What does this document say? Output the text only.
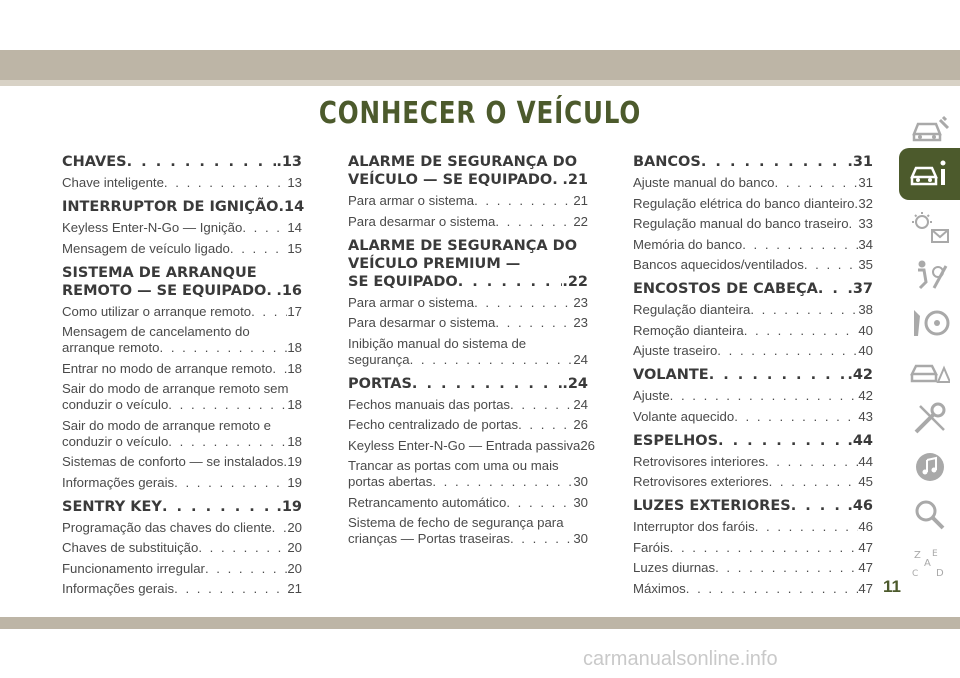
CONHECER O VEÍCULO
CHAVES . . .	.13
Chave inteligente . . .	13
INTERRUPTOR DE IGNIÇÃO .14
Keyless Enter-N-Go — Ignição . . .	14
Mensagem de veículo ligado . . .	15
SISTEMA DE ARRANQUE
REMOTO — SE EQUIPADO . . . .16
Como utilizar o arranque remoto . . .	17
Mensagem de cancelamento do
arranque remoto . . .	18
Entrar no modo de arranque remoto . . . 18
Sair do modo de arranque remoto sem
conduzir o veículo . . .	18
Sair do modo de arranque remoto e
conduzir o veículo . . .	18
Sistemas de conforto — se instalados . . . 19
Informações gerais . . .	19
SENTRY KEY . . .	.19
Programação das chaves do cliente . . . 20
Chaves de substituição . . .	20
Funcionamento irregular . . .	20
Informações gerais . . .	21
ALARME DE SEGURANÇA DO
VEÍCULO — SE EQUIPADO . . . .21
Para armar o sistema . . .	21
Para desarmar o sistema . . .	22
ALARME DE SEGURANÇA DO
VEÍCULO PREMIUM —
SE EQUIPADO . . .	.22
Para armar o sistema . . .	23
Para desarmar o sistema . . .	23
Inibição manual do sistema de
segurança . . .	24
PORTAS . . .	.24
Fechos manuais das portas . . .	24
Fecho centralizado de portas . . .	26
Keyless Enter-N-Go — Entrada passiva 26
Trancar as portas com uma ou mais
portas abertas . . .	30
Retrancamento automático . . .	30
Sistema de fecho de segurança para
crianças — Portas traseiras . . .	30
BANCOS . . .	.31
Ajuste manual do banco . . .	31
Regulação elétrica do banco dianteiro . . . 32
Regulação manual do banco traseiro . . . 33
Memória do banco . . .	34
Bancos aquecidos/ventilados . . .	35
ENCOSTOS DE CABEÇA . . . .37
Regulação dianteira . . .	38
Remoção dianteira . . .	40
Ajuste traseiro . . .	40
VOLANTE . . .	.42
Ajuste . . .	42
Volante aquecido . . .	43
ESPELHOS . . .	.44
Retrovisores interiores . . .	44
Retrovisores exteriores . . .	45
LUZES EXTERIORES . . .	.46
Interruptor dos faróis . . .	46
Faróis . . .	47
Luzes diurnas . . .	47
Máximos . . .	47
Z E
A
C D
11
carmanualsonline.info
